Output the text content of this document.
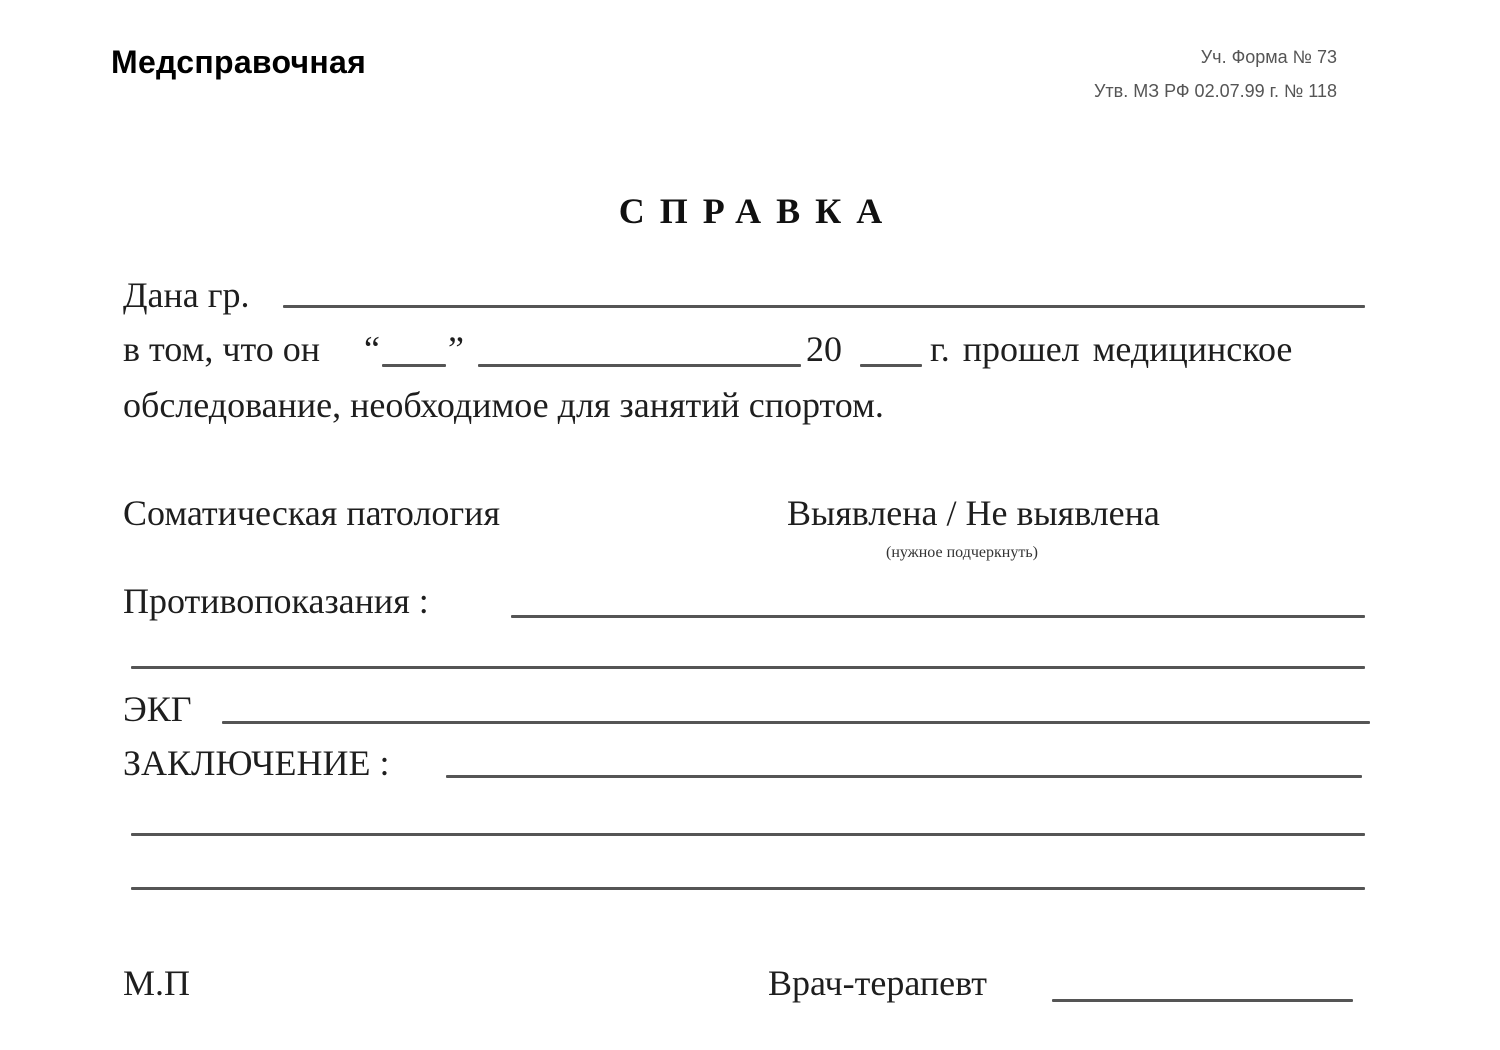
Медсправочная	Уч. Форма № 73
Утв. МЗ РФ 02.07.99 г. № 118
СПРАВКА
Дана гр.
в том, что он “ ”	20 г. прошел медицинское
обследование, необходимое для занятий спортом.
Соматическая патология	Выявлена / Не выявлена
(нужное подчеркнуть)
Противопоказания :
ЭКГ
ЗАКЛЮЧЕНИЕ :
М.П	Врач-терапевт
